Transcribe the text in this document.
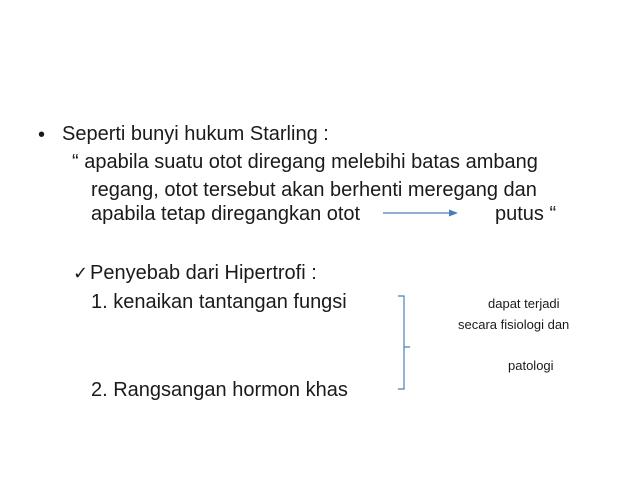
• Seperti bunyi hukum Starling :
“ apabila suatu otot diregang melebihi batas ambang
regang, otot tersebut akan berhenti meregang dan
apabila tetap diregangkan otot	putus “
✓ Penyebab dari Hipertrofi :
1. kenaikan tantangan fungsi
2. Rangsangan hormon khas
dapat terjadi
secara fisiologi dan
patologi
